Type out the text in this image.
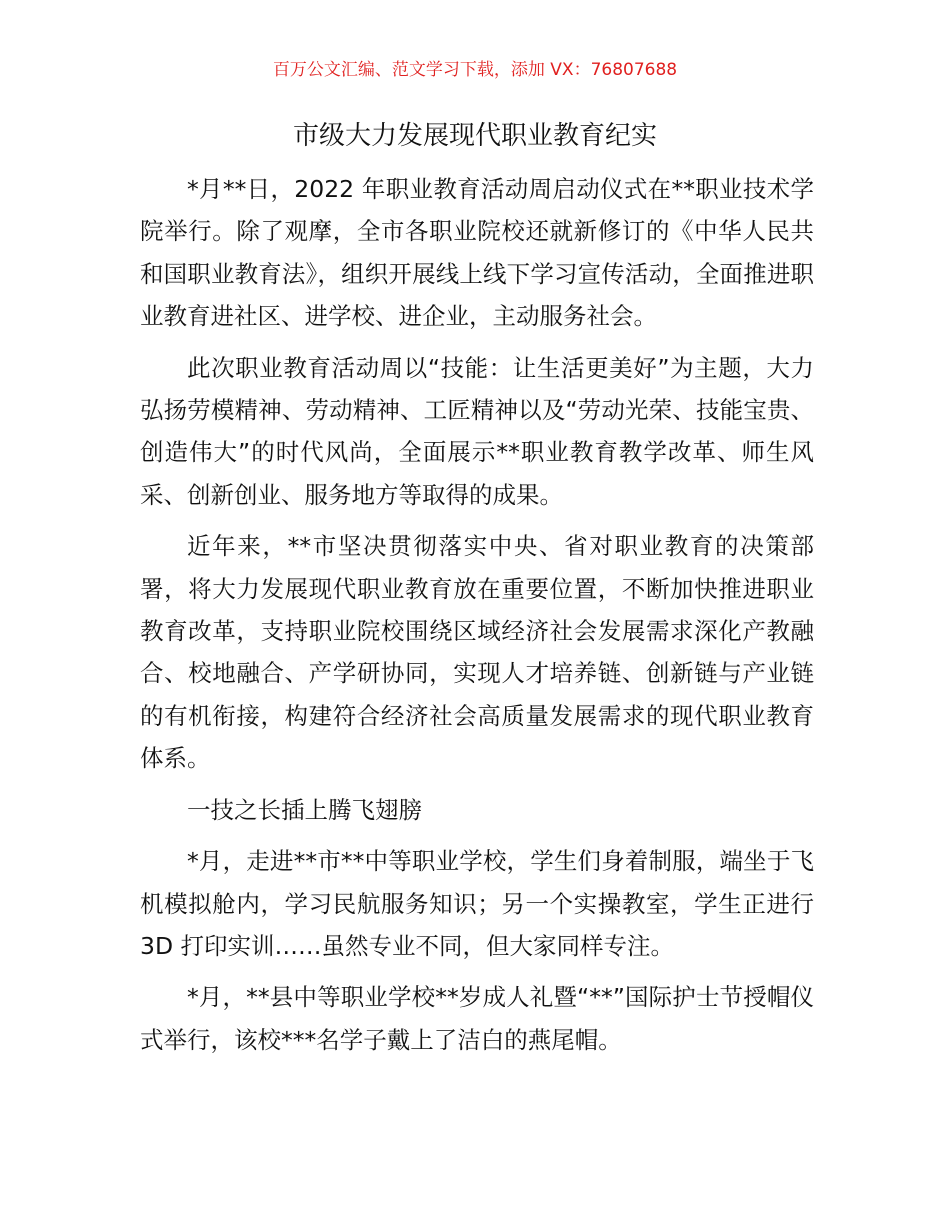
百万公文汇编、范文学习下载，添加 VX：76807688
市级大力发展现代职业教育纪实

*月**日，2022 年职业教育活动周启动仪式在**职业技术学院举行。除了观摩，全市各职业院校还就新修订的《中华人民共和国职业教育法》，组织开展线上线下学习宣传活动，全面推进职业教育进社区、进学校、进企业，主动服务社会。

此次职业教育活动周以“技能：让生活更美好”为主题，大力弘扬劳模精神、劳动精神、工匠精神以及“劳动光荣、技能宝贵、创造伟大”的时代风尚，全面展示**职业教育教学改革、师生风采、创新创业、服务地方等取得的成果。

近年来，**市坚决贯彻落实中央、省对职业教育的决策部署，将大力发展现代职业教育放在重要位置，不断加快推进职业教育改革，支持职业院校围绕区域经济社会发展需求深化产教融合、校地融合、产学研协同，实现人才培养链、创新链与产业链的有机衔接，构建符合经济社会高质量发展需求的现代职业教育体系。

一技之长插上腾飞翅膀

*月，走进**市**中等职业学校，学生们身着制服，端坐于飞机模拟舱内，学习民航服务知识；另一个实操教室，学生正进行 3D 打印实训……虽然专业不同，但大家同样专注。

*月，**县中等职业学校**岁成人礼暨“**”国际护士节授帽仪式举行，该校***名学子戴上了洁白的燕尾帽。
